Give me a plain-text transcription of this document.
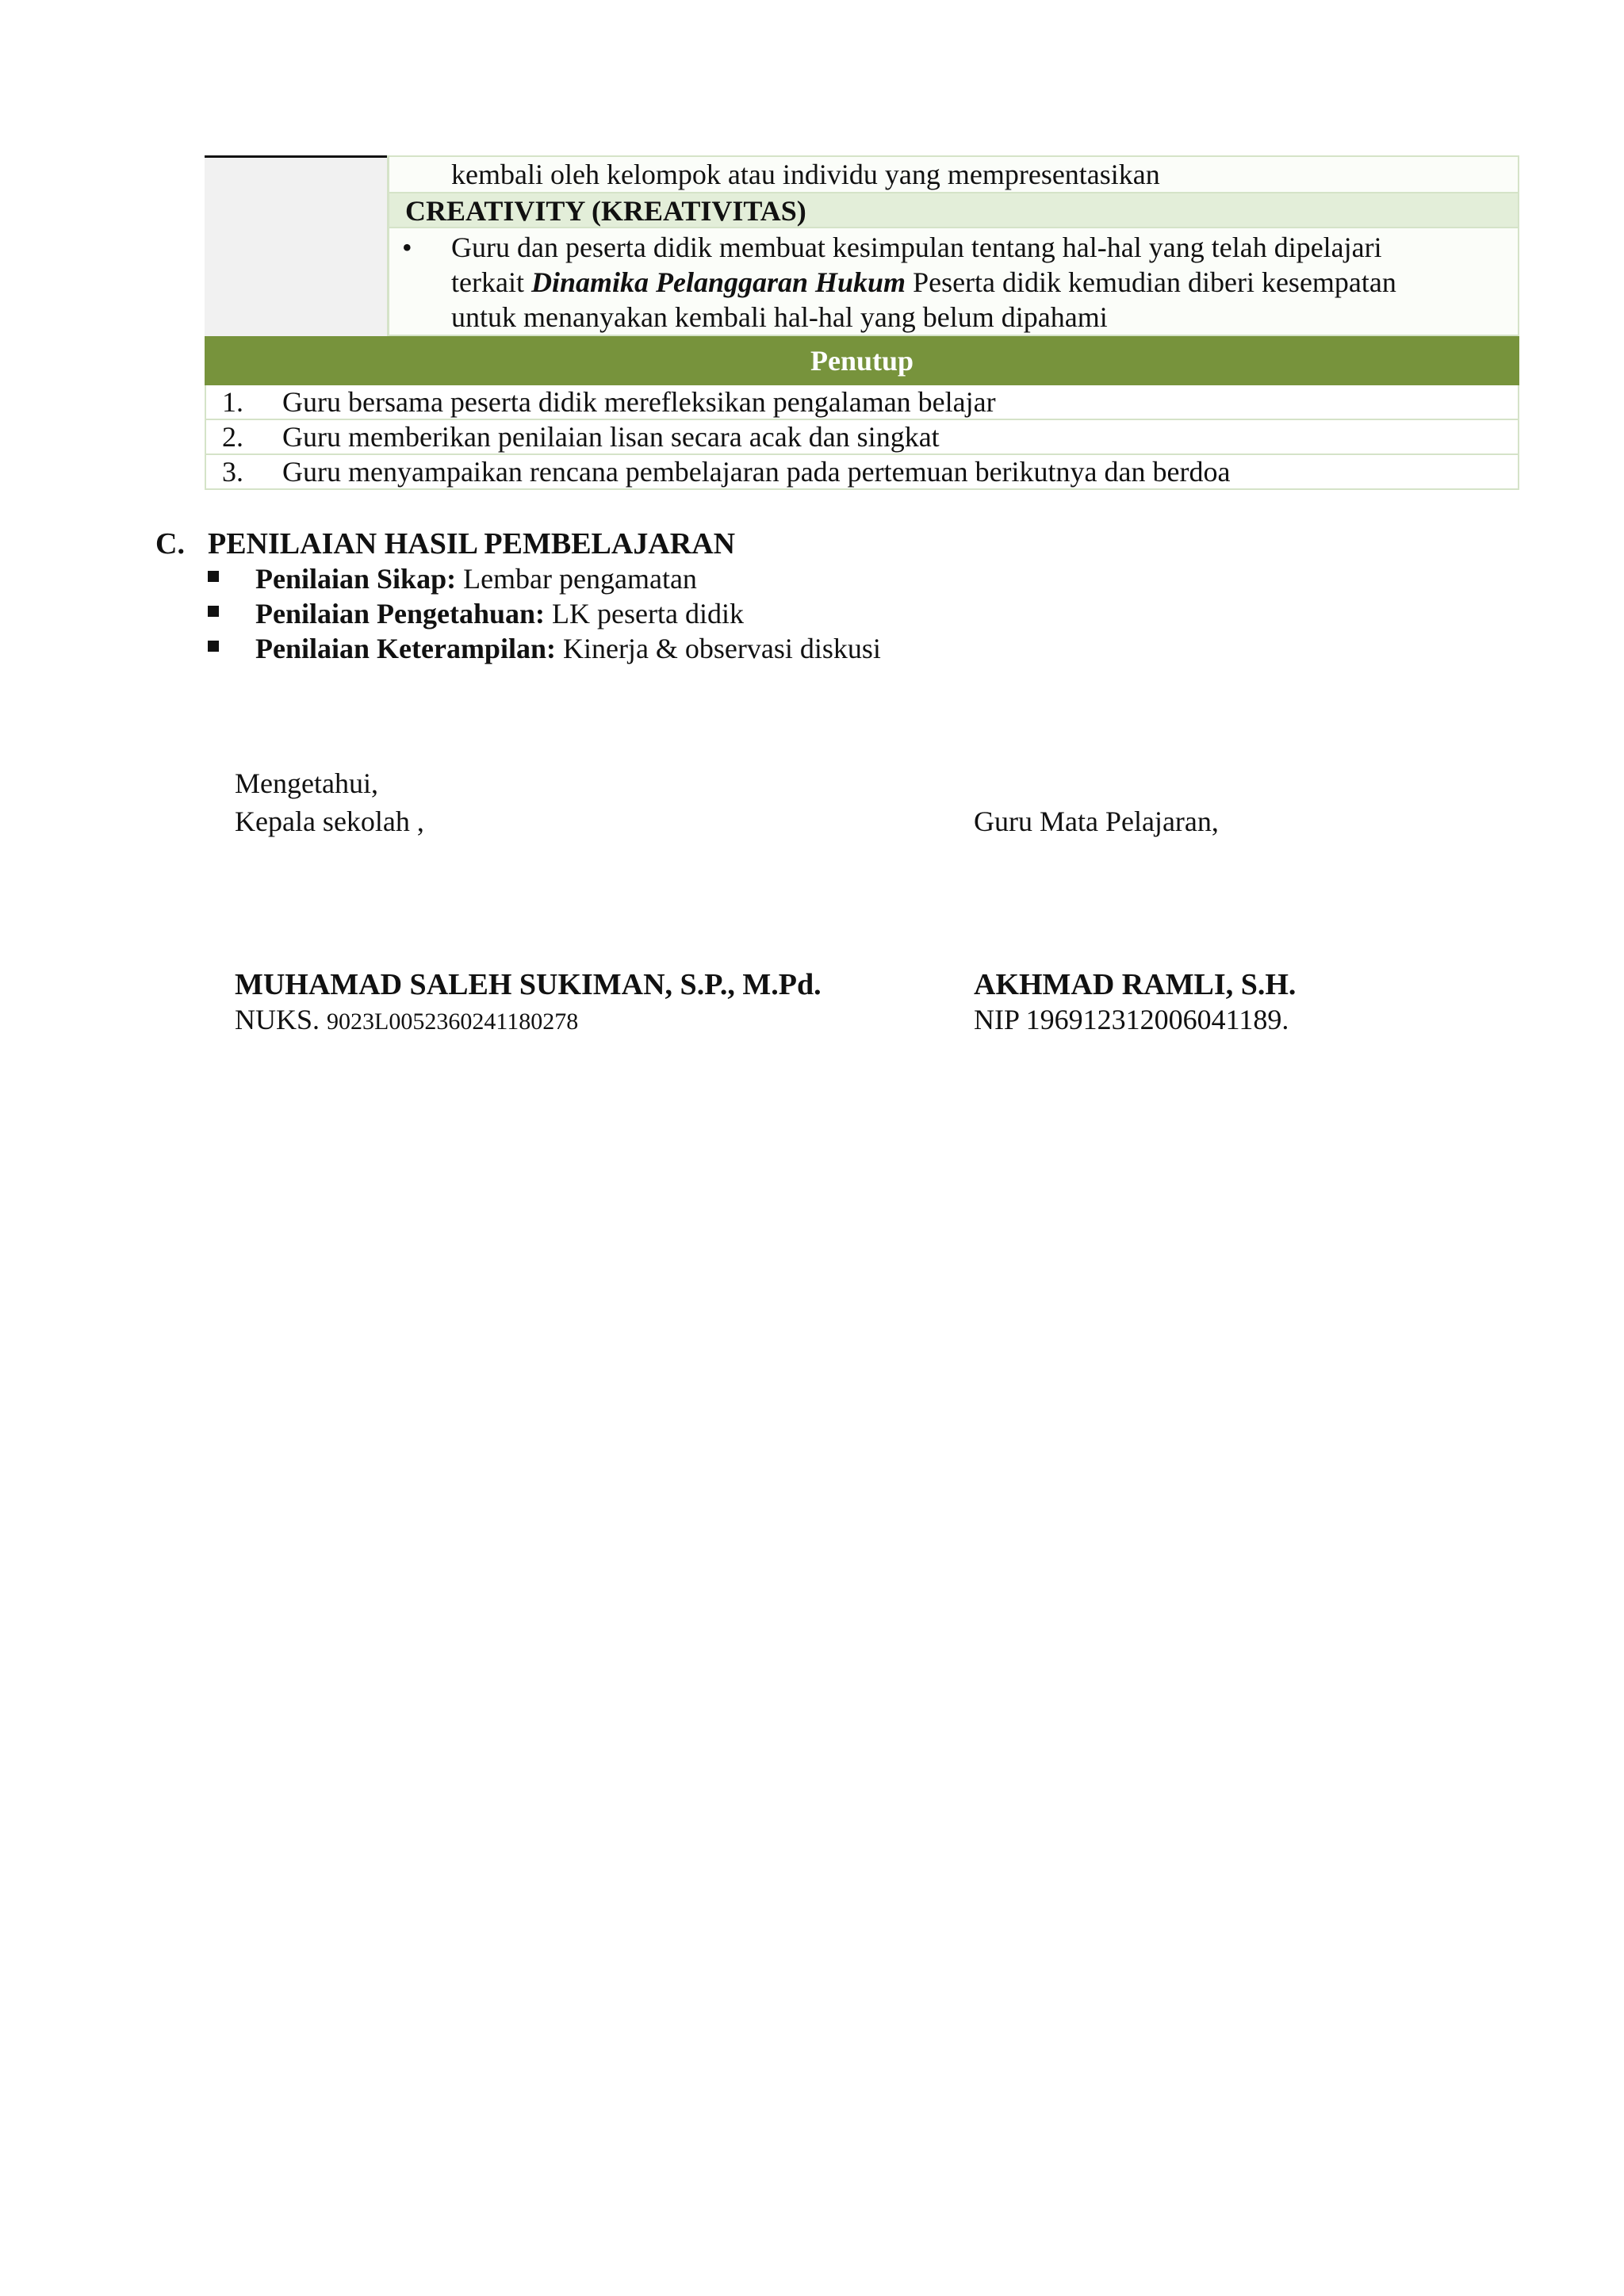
kembali oleh kelompok atau individu yang mempresentasikan
CREATIVITY (KREATIVITAS)
• Guru dan peserta didik membuat kesimpulan tentang hal-hal yang telah dipelajari
terkait Dinamika Pelanggaran Hukum Peserta didik kemudian diberi kesempatan
untuk menanyakan kembali hal-hal yang belum dipahami
Penutup
1. Guru bersama peserta didik merefleksikan pengalaman belajar
2. Guru memberikan penilaian lisan secara acak dan singkat
3. Guru menyampaikan rencana pembelajaran pada pertemuan berikutnya dan berdoa
C. PENILAIAN HASIL PEMBELAJARAN
Penilaian Sikap: Lembar pengamatan
Penilaian Pengetahuan: LK peserta didik
Penilaian Keterampilan: Kinerja & observasi diskusi
Mengetahui,
Kepala sekolah ,	Guru Mata Pelajaran,
MUHAMAD SALEH SUKIMAN, S.P., M.Pd.	AKHMAD RAMLI, S.H.
NUKS. 9023L0052360241180278	NIP 196912312006041189.
